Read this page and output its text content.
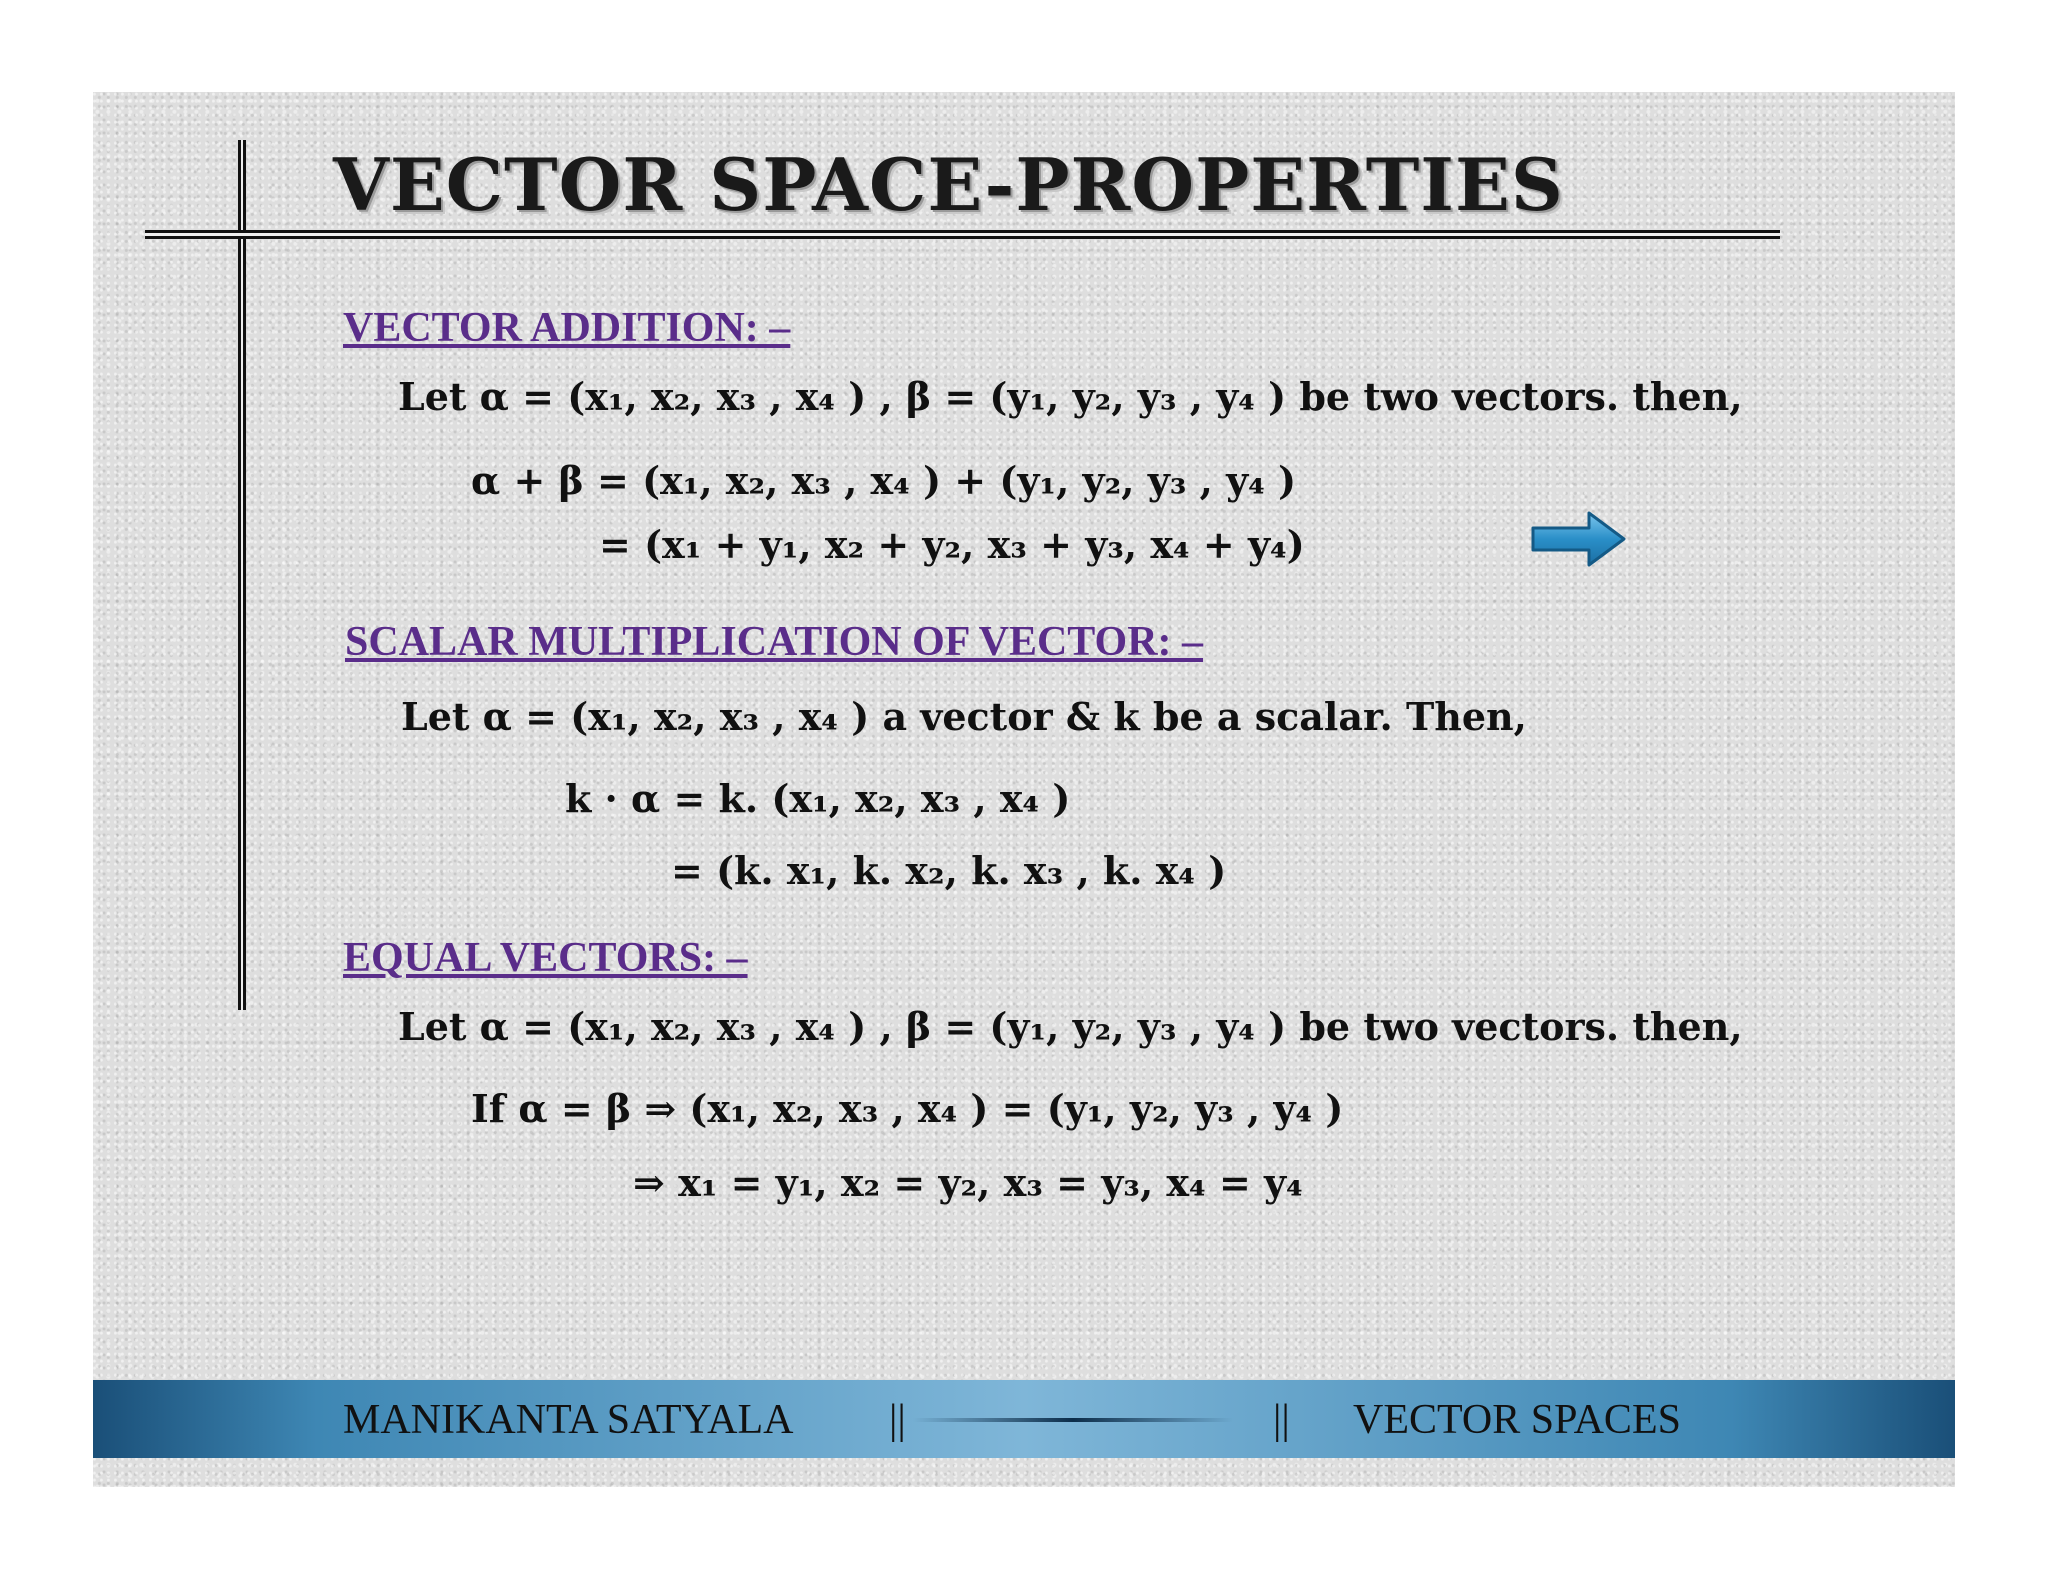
VECTOR SPACE-PROPERTIES
VECTOR ADDITION: –
Let α = (x₁, x₂, x₃ , x₄ ) , β = (y₁, y₂, y₃ , y₄ ) be two vectors. then,
α + β = (x₁, x₂, x₃ , x₄ ) + (y₁, y₂, y₃ , y₄ )
= (x₁ + y₁, x₂ + y₂, x₃ + y₃, x₄ + y₄)
SCALAR MULTIPLICATION OF VECTOR: –
Let α = (x₁, x₂, x₃ , x₄ ) a vector & k be a scalar. Then,
k · α = k. (x₁, x₂, x₃ , x₄ )
= (k. x₁, k. x₂, k. x₃ , k. x₄ )
EQUAL VECTORS: –
Let α = (x₁, x₂, x₃ , x₄ ) , β = (y₁, y₂, y₃ , y₄ ) be two vectors. then,
If α = β ⇒ (x₁, x₂, x₃ , x₄ ) = (y₁, y₂, y₃ , y₄ )
⇒ x₁ = y₁, x₂ = y₂, x₃ = y₃, x₄ = y₄
MANIKANTA SATYALA ||	|| VECTOR SPACES
